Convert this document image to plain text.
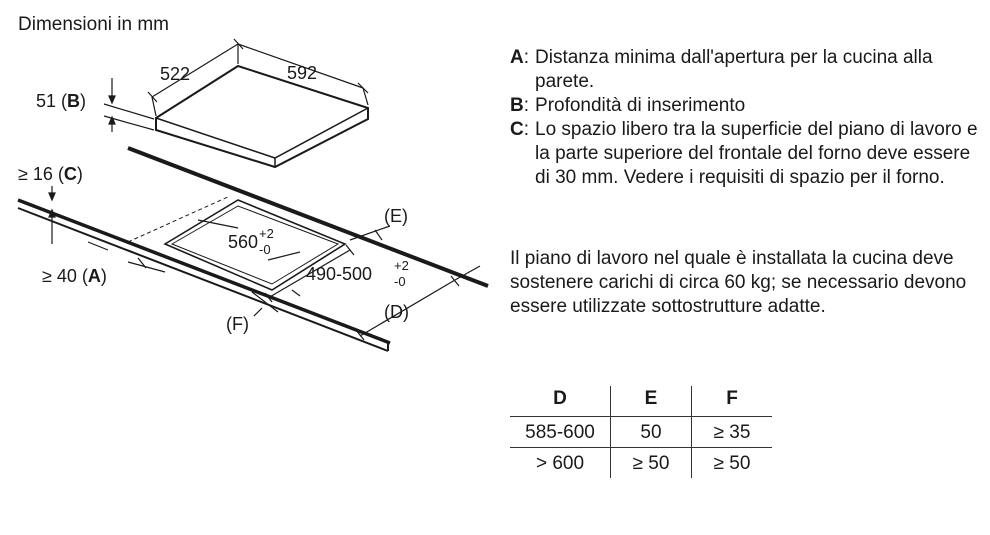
Dimensioni in mm
522	592
51 (B)
≥ 16 (C)
≥ 40 (A)
560 +2
-0
490-500 +2
-0
(E)
(F)
(D)
A : Distanza minima dall'apertura per la cucina alla parete.
B : Profondità di inserimento
C : Lo spazio libero tra la superficie del piano di lavoro e la parte superiore del frontale del forno deve essere di 30 mm. Vedere i requisiti di spazio per il forno.
Il piano di lavoro nel quale è installata la cucina deve sostenere carichi di circa 60 kg; se necessario devono essere utilizzate sottostrutture adatte.
D	E	F
585-600	50	≥ 35
> 600	≥ 50	≥ 50
